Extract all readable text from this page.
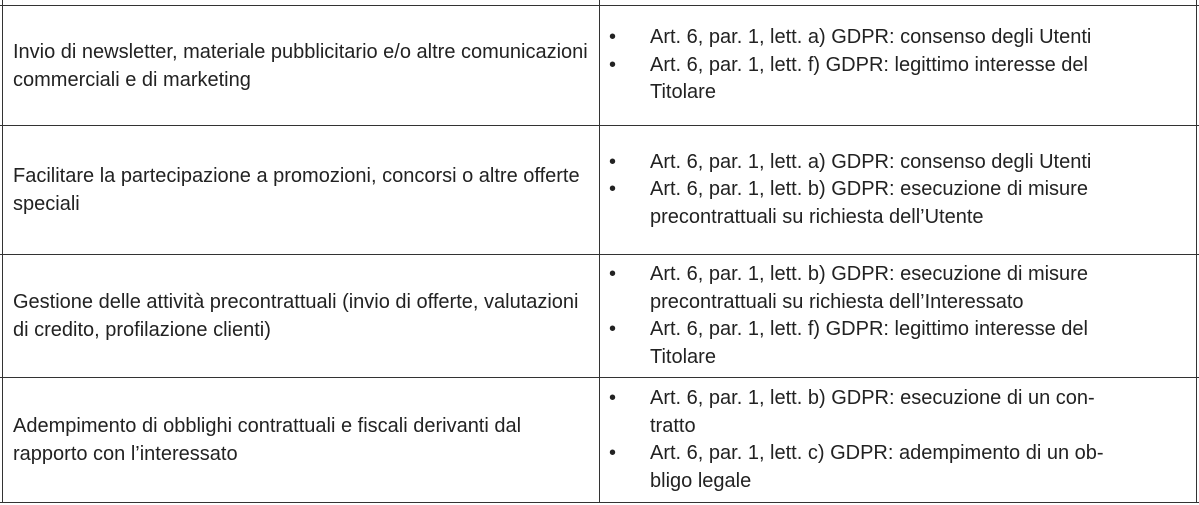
Invio di newsletter, materiale pubblicitario e/o altre comunicazioni commerciali e di marketing
• Art. 6, par. 1, lett. a) GDPR: consenso degli Utenti
• Art. 6, par. 1, lett. f) GDPR: legittimo interesse del
Titolare
Facilitare la partecipazione a promozioni, concorsi o altre offerte speciali
• Art. 6, par. 1, lett. a) GDPR: consenso degli Utenti
• Art. 6, par. 1, lett. b) GDPR: esecuzione di misure
precontrattuali su richiesta dell’Utente
Gestione delle attività precontrattuali (invio di offerte, valutazioni di credito, profilazione clienti)
• Art. 6, par. 1, lett. b) GDPR: esecuzione di misure
precontrattuali su richiesta dell’Interessato
• Art. 6, par. 1, lett. f) GDPR: legittimo interesse del
Titolare
Adempimento di obblighi contrattuali e fiscali derivanti dal rapporto con l’interessato
• Art. 6, par. 1, lett. b) GDPR: esecuzione di un con-
tratto
• Art. 6, par. 1, lett. c) GDPR: adempimento di un ob-
bligo legale
